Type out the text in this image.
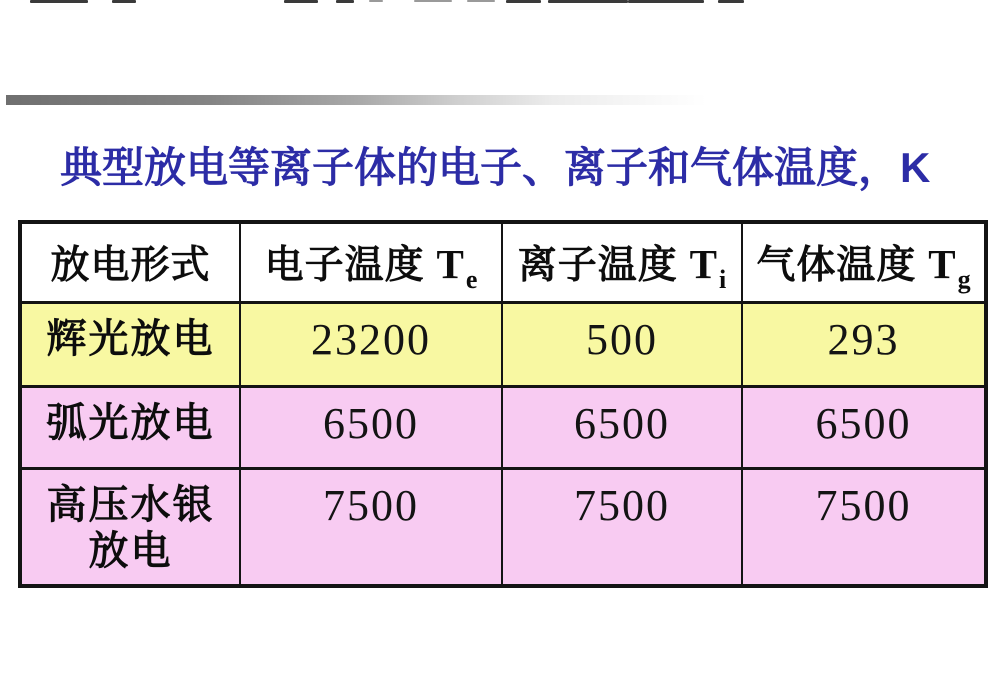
典型放电等离子体的电子、离子和气体温度，K
放电形式	电子温度 $T_e$	离子温度 $T_i$	气体温度 $T_g$
辉光放电	23200	500	293
弧光放电	6500	6500	6500
高压水银放电	7500	7500	7500
